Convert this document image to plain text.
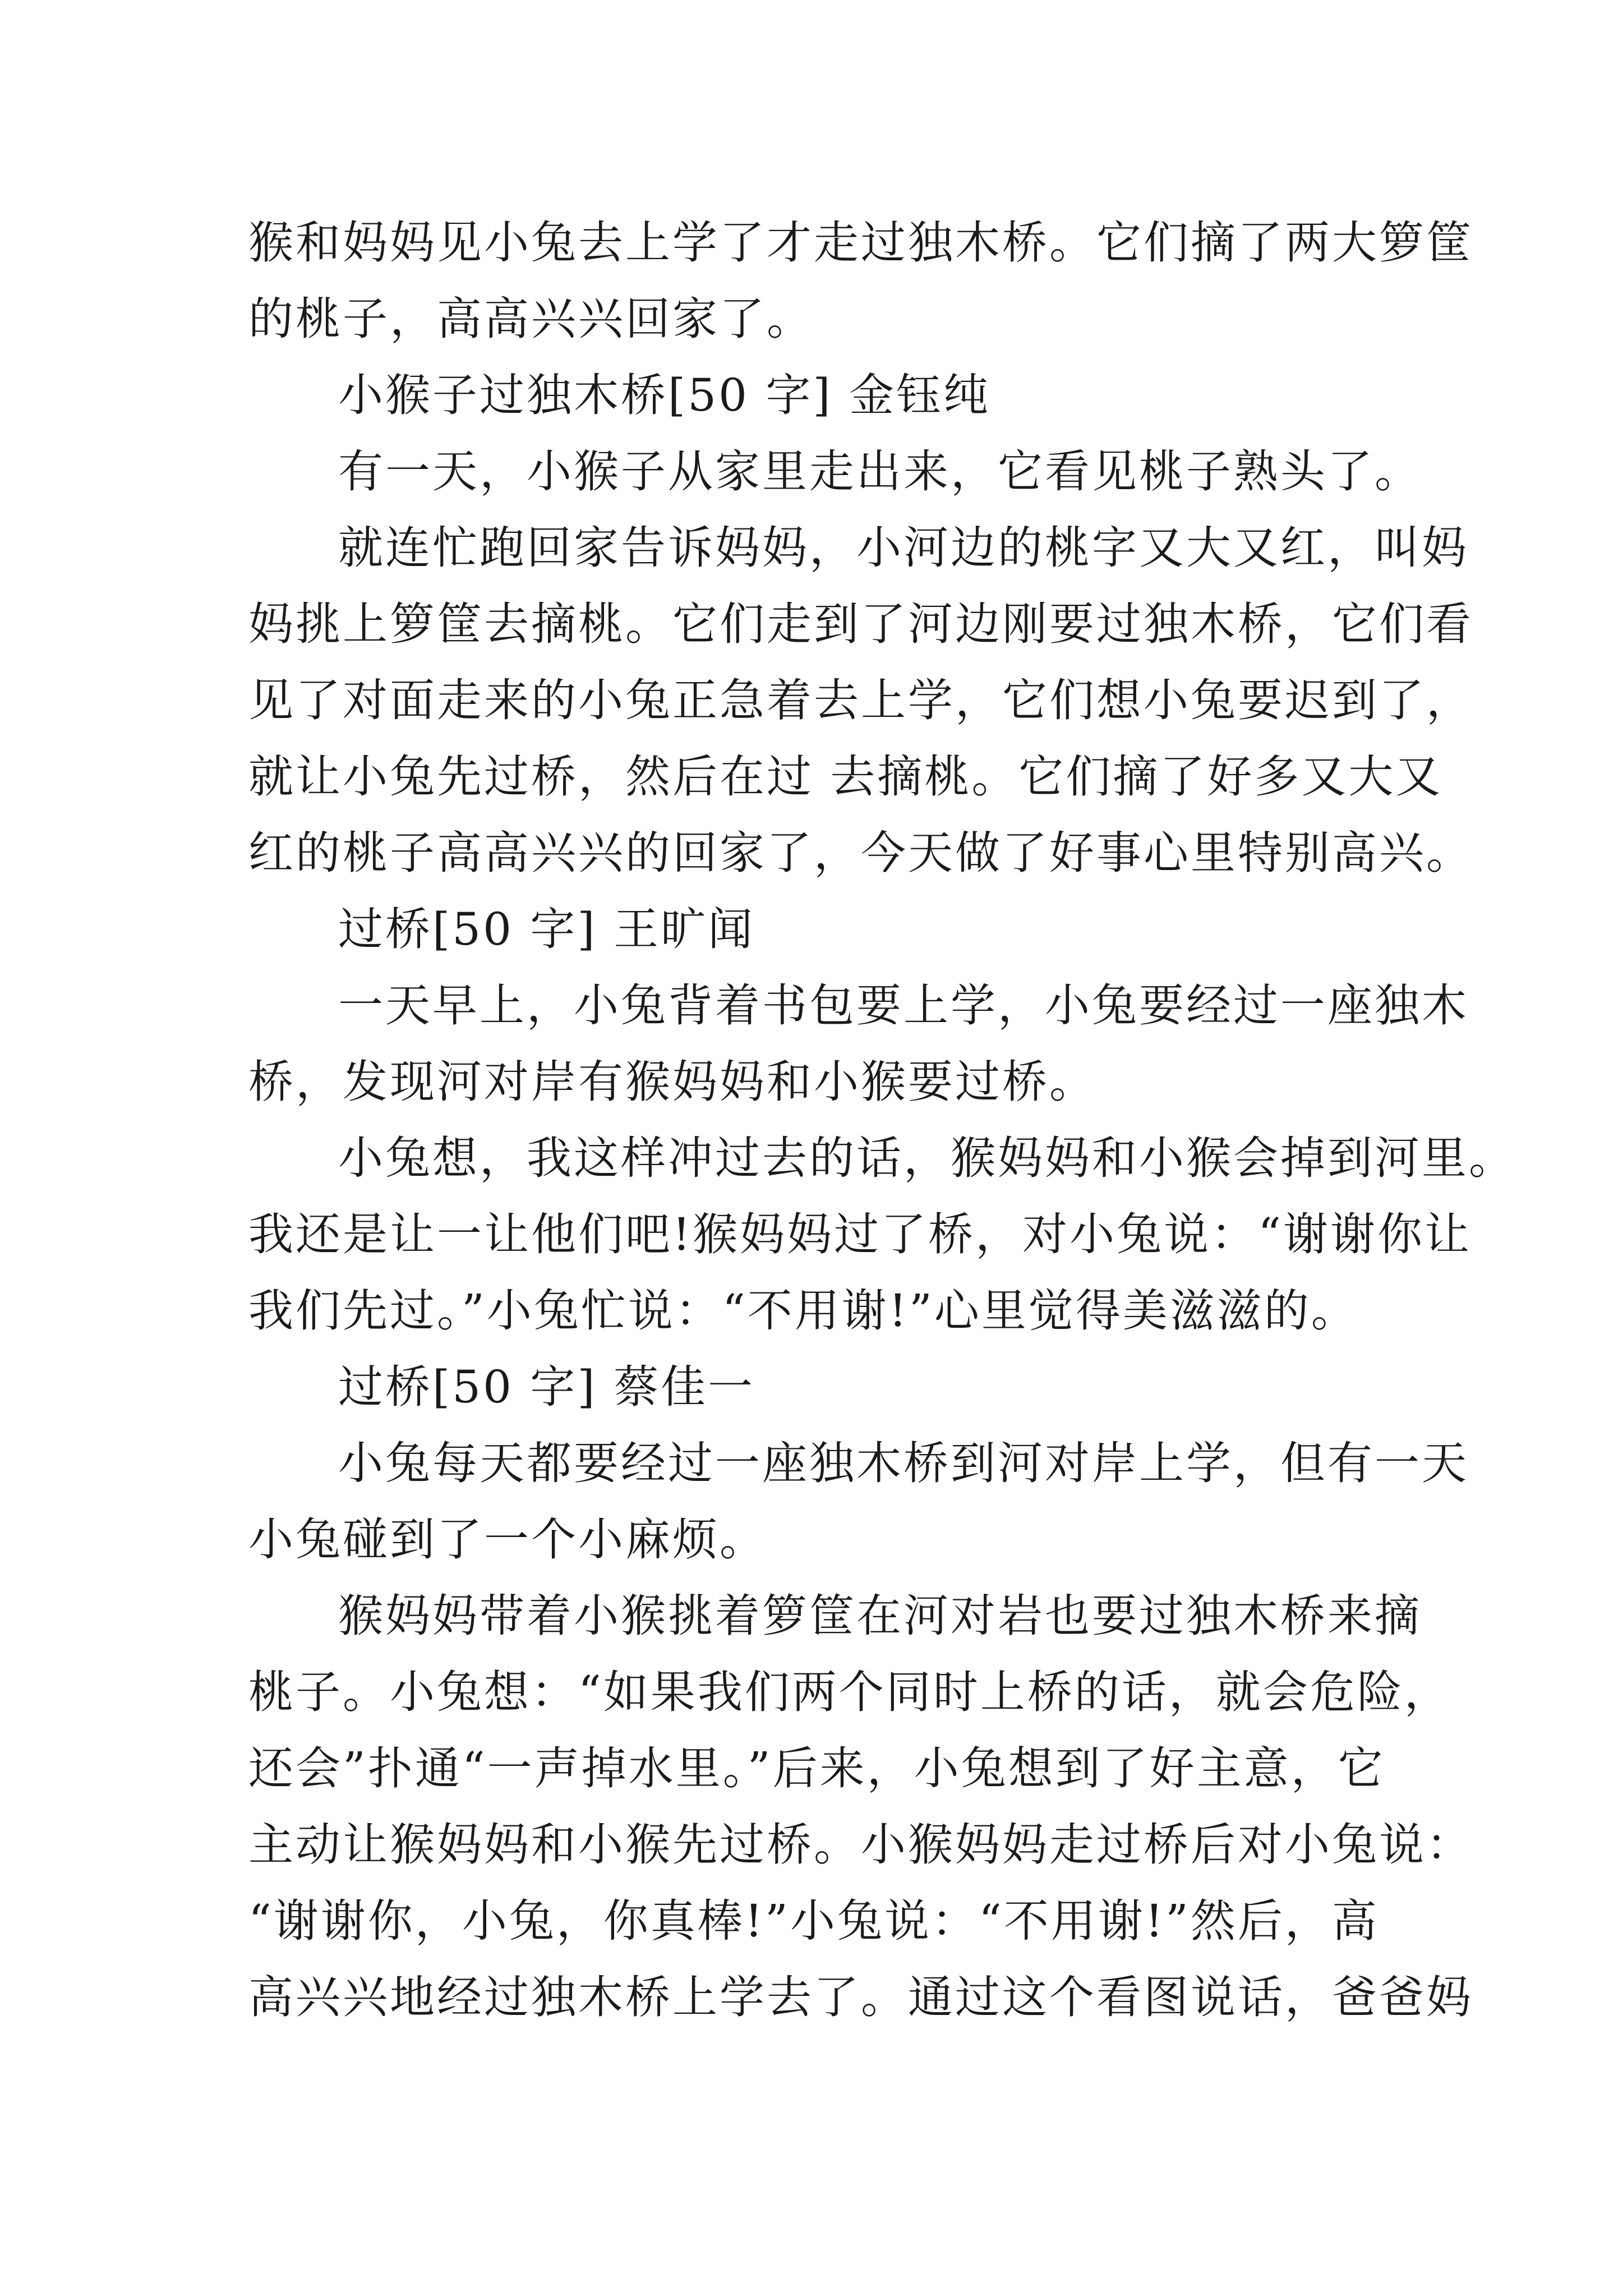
猴和妈妈见小兔去上学了才走过独木桥。它们摘了两大箩筐
的桃子，高高兴兴回家了。
小猴子过独木桥[50 字] 金钰纯
有一天，小猴子从家里走出来，它看见桃子熟头了。
就连忙跑回家告诉妈妈，小河边的桃字又大又红，叫妈
妈挑上箩筐去摘桃。它们走到了河边刚要过独木桥，它们看
见了对面走来的小兔正急着去上学，它们想小兔要迟到了，
就让小兔先过桥，然后在过 去摘桃。它们摘了好多又大又
红的桃子高高兴兴的回家了，今天做了好事心里特别高兴。
过桥[50 字] 王旷闻
一天早上，小兔背着书包要上学，小兔要经过一座独木
桥，发现河对岸有猴妈妈和小猴要过桥。
小兔想，我这样冲过去的话，猴妈妈和小猴会掉到河里。
我还是让一让他们吧!猴妈妈过了桥，对小兔说：“谢谢你让
我们先过。”小兔忙说：“不用谢!”心里觉得美滋滋的。
过桥[50 字] 蔡佳一
小兔每天都要经过一座独木桥到河对岸上学，但有一天
小兔碰到了一个小麻烦。
猴妈妈带着小猴挑着箩筐在河对岩也要过独木桥来摘
桃子。小兔想：“如果我们两个同时上桥的话，就会危险，
还会”扑通“一声掉水里。”后来，小兔想到了好主意，它
主动让猴妈妈和小猴先过桥。小猴妈妈走过桥后对小兔说：
“谢谢你，小兔，你真棒!”小兔说：“不用谢!”然后，高
高兴兴地经过独木桥上学去了。通过这个看图说话，爸爸妈
